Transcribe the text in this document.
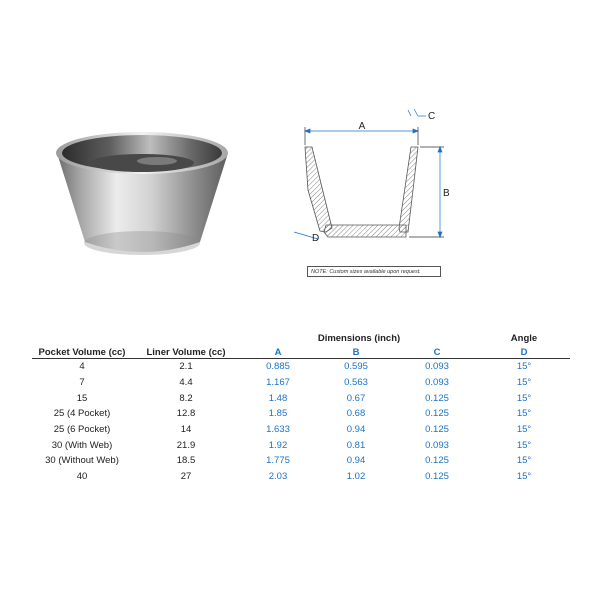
A
C
B
D
NOTE: Custom sizes available upon request.
Pocket Volume (cc)	Liner Volume (cc)	Dimensions (inch)			Angle
		A	B	C	D
4	2.1	0.885	0.595	0.093	15°
7	4.4	1.167	0.563	0.093	15°
15	8.2	1.48	0.67	0.125	15°
25 (4 Pocket)	12.8	1.85	0.68	0.125	15°
25 (6 Pocket)	14	1.633	0.94	0.125	15°
30 (With Web)	21.9	1.92	0.81	0.093	15°
30 (Without Web)	18.5	1.775	0.94	0.125	15°
40	27	2.03	1.02	0.125	15°
